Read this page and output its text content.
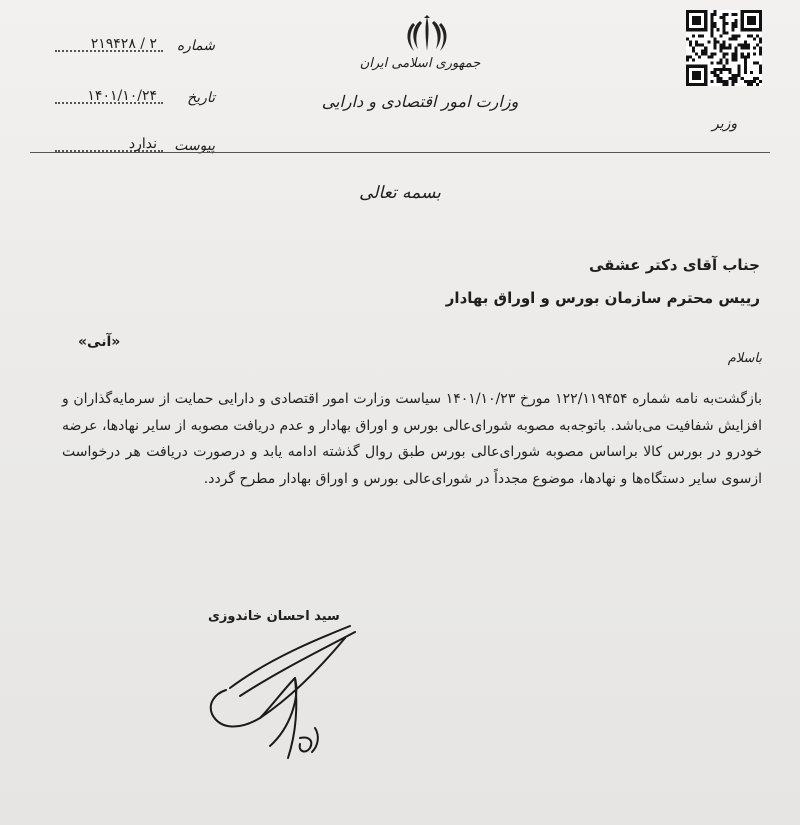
۲ / ۲۱۹۴۲۸ شماره
۱۴۰۱/۱۰/۲۴ تاریخ
ندارد پیوست
جمهوری اسلامی ایران
وزارت امور اقتصادی و دارایی
وزیر
بسمه تعالی
جناب آقای دکتر عشقی
رییس محترم سازمان بورس و اوراق بهادار
«آنی»
باسلام
بازگشت‌به نامه شماره ۱۲۲/۱۱۹۴۵۴ مورخ ۱۴۰۱/۱۰/۲۳ سیاست وزارت امور اقتصادی و دارایی حمایت از سرمایه‌گذاران و افزایش شفافیت می‌باشد. باتوجه‌به مصوبه شورای‌عالی بورس و اوراق بهادار و عدم دریافت مصوبه از سایر نهادها، عرضه خودرو در بورس کالا براساس مصوبه شورای‌عالی بورس طبق روال گذشته ادامه یابد و درصورت دریافت هر درخواست ازسوی سایر دستگاه‌ها و نهادها، موضوع مجدداً در شورای‌عالی بورس و اوراق بهادار مطرح گردد.
سید احسان خاندوزی
